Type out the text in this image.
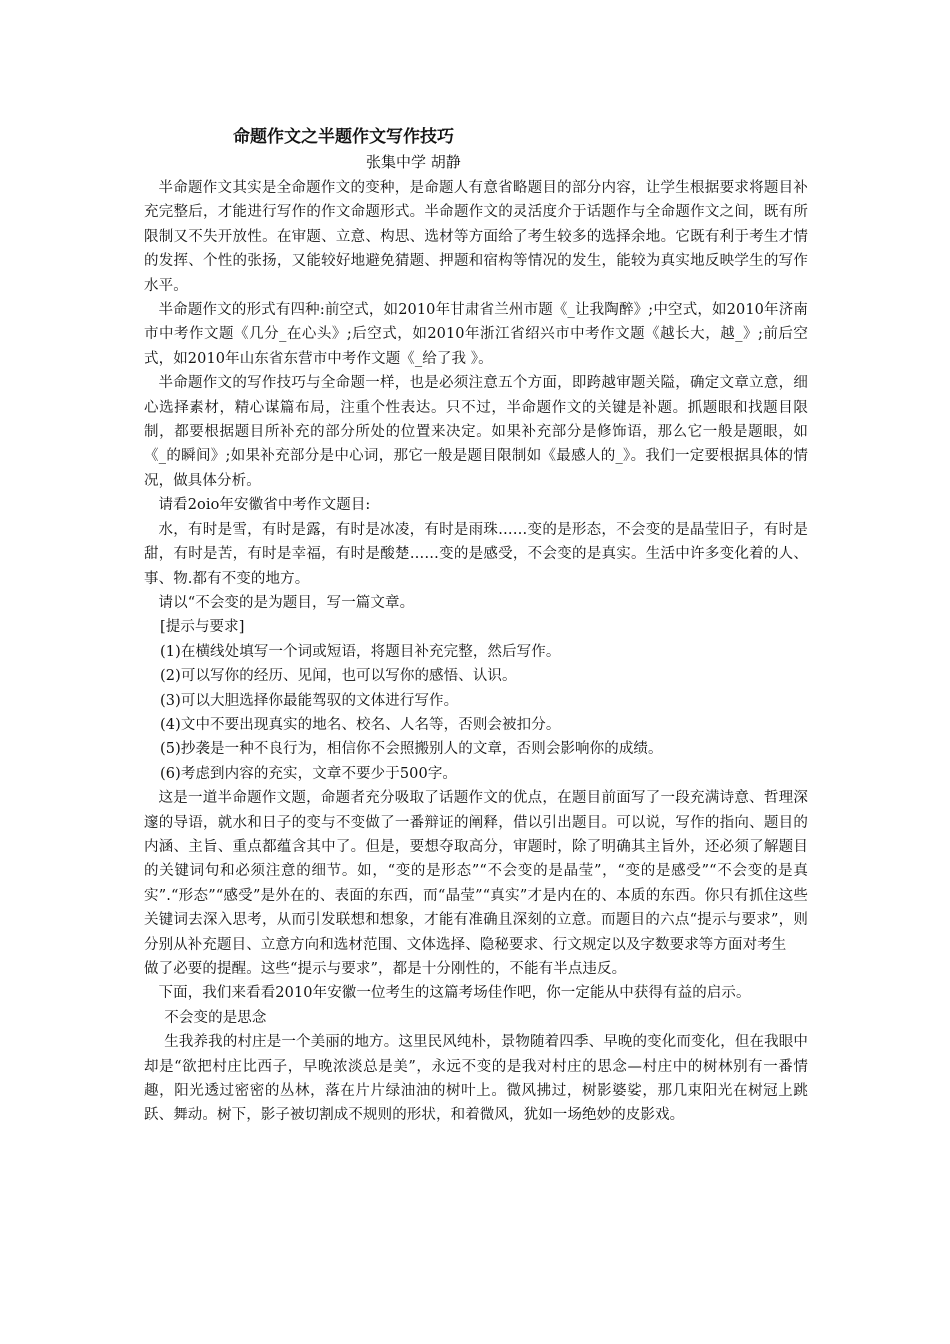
命题作文之半题作文写作技巧
张集中学 胡静

半命题作文其实是全命题作文的变种，是命题人有意省略题目的部分内容，让学生根据要求将题目补充完整后，才能进行写作的作文命题形式。半命题作文的灵活度介于话题作与全命题作文之间，既有所限制又不失开放性。在审题、立意、构思、选材等方面给了考生较多的选择余地。它既有利于考生才情的发挥、个性的张扬，又能较好地避免猜题、押题和宿构等情况的发生，能较为真实地反映学生的写作水平。

半命题作文的形式有四种:前空式，如2010年甘肃省兰州市题《_让我陶醉》;中空式，如2010年济南市中考作文题《几分_在心头》;后空式，如2010年浙江省绍兴市中考作文题《越长大，越_》;前后空式，如2010年山东省东营市中考作文题《_给了我 》。

半命题作文的写作技巧与全命题一样，也是必须注意五个方面，即跨越审题关隘，确定文章立意，细心选择素材，精心谋篇布局，注重个性表达。只不过，半命题作文的关键是补题。抓题眼和找题目限制，都要根据题目所补充的部分所处的位置来决定。如果补充部分是修饰语，那么它一般是题眼，如《_的瞬间》;如果补充部分是中心词，那它一般是题目限制如《最感人的_》。我们一定要根据具体的情况，做具体分析。

请看2oio年安徽省中考作文题目:

水，有时是雪，有时是露，有时是冰凌，有时是雨珠……变的是形态，不会变的是晶莹旧子，有时是甜，有时是苦，有时是幸福，有时是酸楚……变的是感受，不会变的是真实。生活中许多变化着的人、事、物.都有不变的地方。

请以“不会变的是为题目，写一篇文章。

[提示与要求]

(1)在横线处填写一个词或短语，将题目补充完整，然后写作。

(2)可以写你的经历、见闻，也可以写你的感悟、认识。

(3)可以大胆选择你最能驾驭的文体进行写作。

(4)文中不要出现真实的地名、校名、人名等，否则会被扣分。

(5)抄袭是一种不良行为，相信你不会照搬别人的文章，否则会影响你的成绩。

(6)考虑到内容的充实，文章不要少于500字。

这是一道半命题作文题，命题者充分吸取了话题作文的优点，在题目前面写了一段充满诗意、哲理深邃的导语，就水和日子的变与不变做了一番辩证的阐释，借以引出题目。可以说，写作的指向、题目的内涵、主旨、重点都蕴含其中了。但是，要想夺取高分，审题时，除了明确其主旨外，还必须了解题目的关键词句和必须注意的细节。如，“变的是形态”“不会变的是晶莹”，“变的是感受”“不会变的是真实”.“形态”“感受”是外在的、表面的东西，而“晶莹”“真实”才是内在的、本质的东西。你只有抓住这些关键词去深入思考，从而引发联想和想象，才能有准确且深刻的立意。而题目的六点“提示与要求”，则分别从补充题目、立意方向和选材范围、文体选择、隐秘要求、行文规定以及字数要求等方面对考生

做了必要的提醒。这些“提示与要求”，都是十分刚性的，不能有半点违反。

下面，我们来看看2010年安徽一位考生的这篇考场佳作吧，你一定能从中获得有益的启示。

不会变的是思念

生我养我的村庄是一个美丽的地方。这里民风纯朴，景物随着四季、早晚的变化而变化，但在我眼中却是“欲把村庄比西子，早晚浓淡总是美”，永远不变的是我对村庄的思念—村庄中的树林别有一番情趣，阳光透过密密的丛林，落在片片绿油油的树叶上。微风拂过，树影婆娑，那几束阳光在树冠上跳跃、舞动。树下，影子被切割成不规则的形状，和着微风，犹如一场绝妙的皮影戏。
